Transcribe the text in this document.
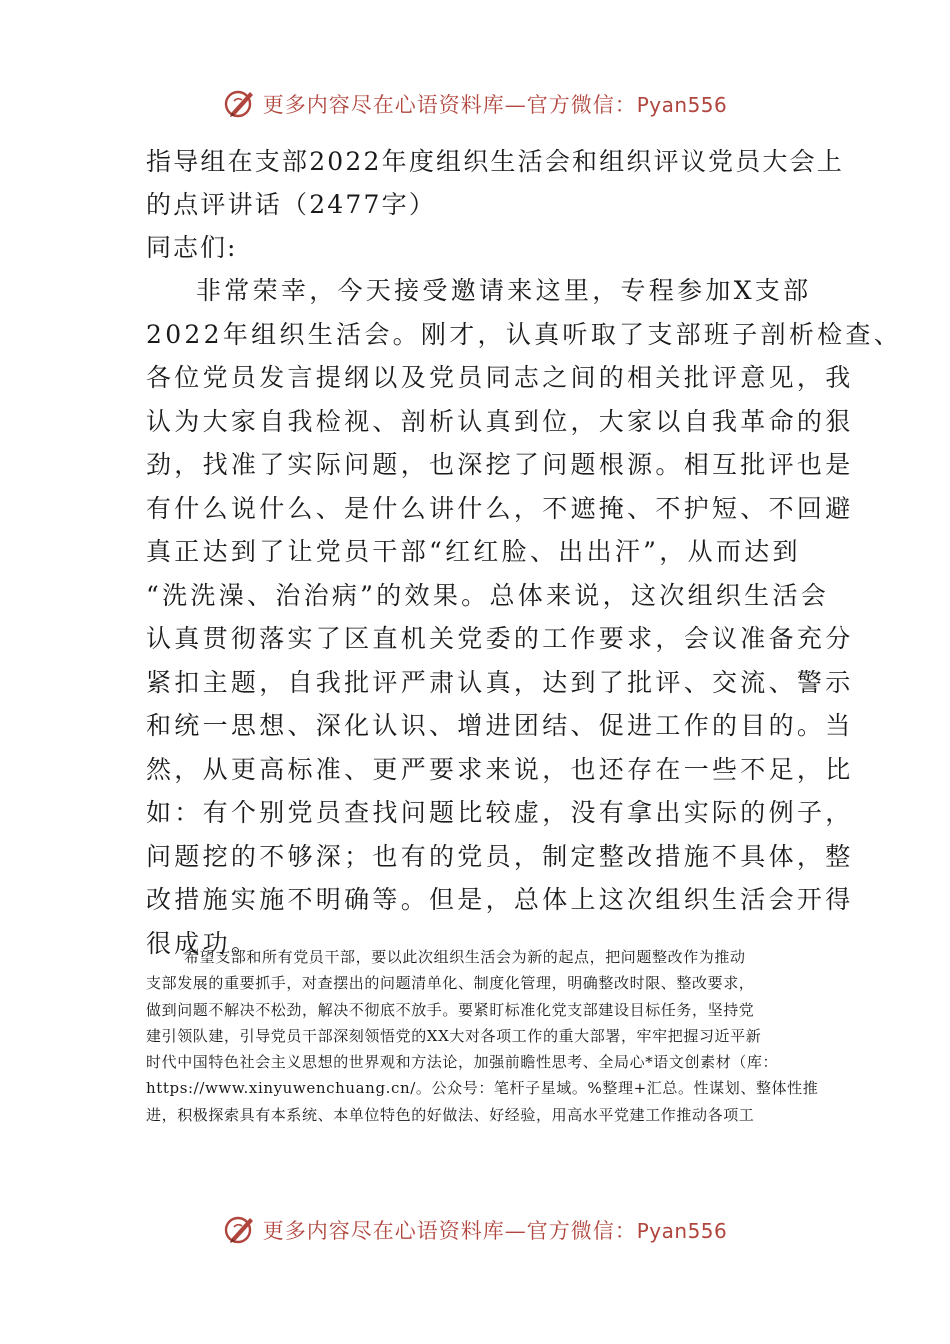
更多内容尽在心语资料库—官方微信：Pyan556
指导组在支部2022年度组织生活会和组织评议党员大会上
的点评讲话（2477字）
同志们:
非常荣幸，今天接受邀请来这里，专程参加X支部
2022年组织生活会。刚才，认真听取了支部班子剖析检查、
各位党员发言提纲以及党员同志之间的相关批评意见，我
认为大家自我检视、剖析认真到位，大家以自我革命的狠
劲，找准了实际问题，也深挖了问题根源。相互批评也是
有什么说什么、是什么讲什么，不遮掩、不护短、不回避
真正达到了让党员干部“红红脸、出出汗”，从而达到
“洗洗澡、治治病”的效果。总体来说，这次组织生活会
认真贯彻落实了区直机关党委的工作要求，会议准备充分
紧扣主题，自我批评严肃认真，达到了批评、交流、警示
和统一思想、深化认识、增进团结、促进工作的目的。当
然，从更高标准、更严要求来说，也还存在一些不足，比
如：有个别党员查找问题比较虚，没有拿出实际的例子，
问题挖的不够深；也有的党员，制定整改措施不具体，整
改措施实施不明确等。但是，总体上这次组织生活会开得
很成功。
希望支部和所有党员干部，要以此次组织生活会为新的起点，把问题整改作为推动
支部发展的重要抓手，对查摆出的问题清单化、制度化管理，明确整改时限、整改要求，
做到问题不解决不松劲，解决不彻底不放手。要紧盯标准化党支部建设目标任务，坚持党
建引领队建，引导党员干部深刻领悟党的XX大对各项工作的重大部署，牢牢把握习近平新
时代中国特色社会主义思想的世界观和方法论，加强前瞻性思考、全局心*语文创素材（库：
https://www.xinyuwenchuang.cn/。公众号：笔杆子星域。%整理+汇总。性谋划、整体性推
进，积极探索具有本系统、本单位特色的好做法、好经验，用高水平党建工作推动各项工
更多内容尽在心语资料库—官方微信：Pyan556
